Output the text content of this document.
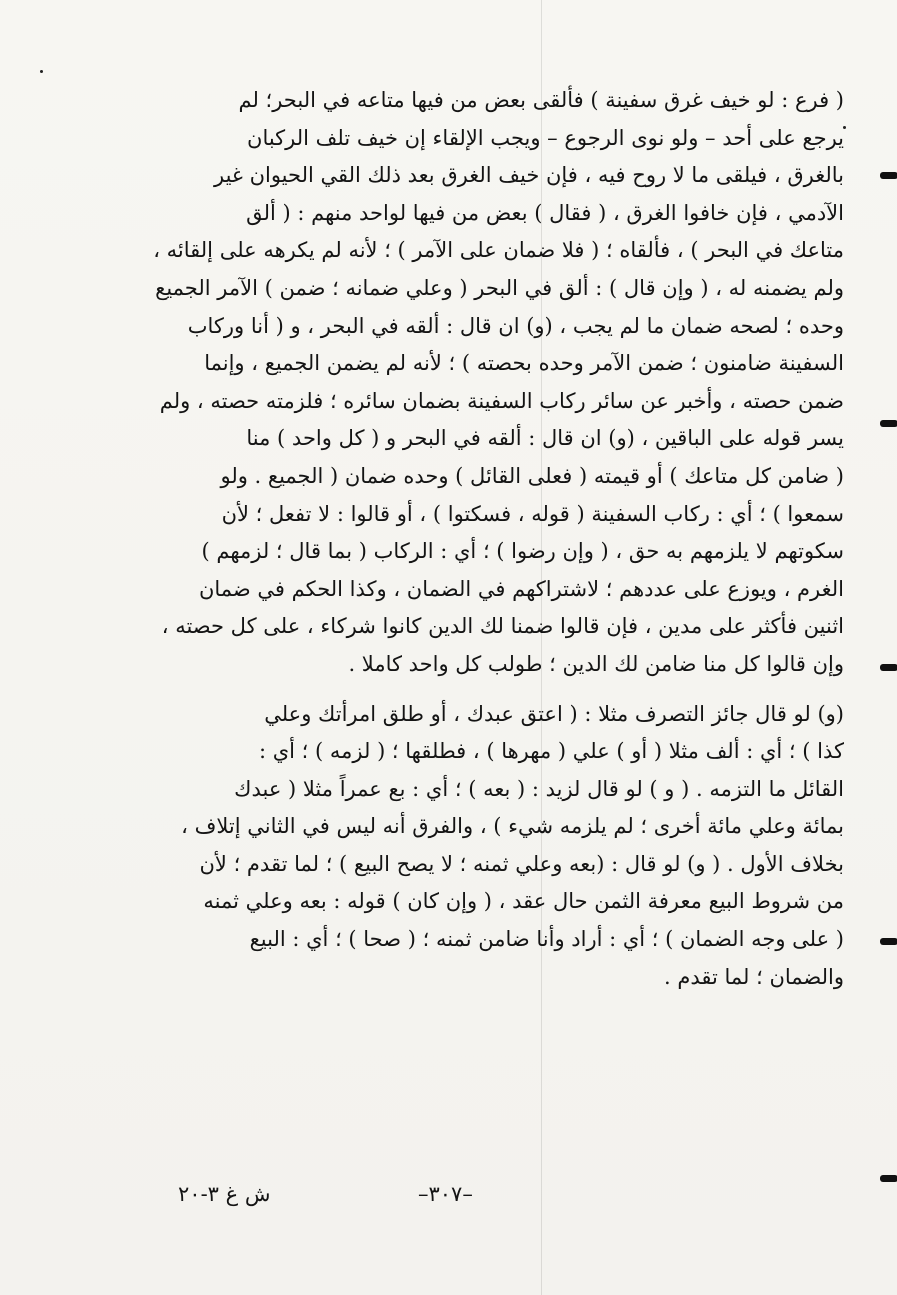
( فرع : لو خيف غرق سفينة ) فألقى بعض من فيها متاعه في البحر؛ لم
يرجع على أحد – ولو نوى الرجوع – ويجب الإلقاء إن خيف تلف الركبان
بالغرق ، فيلقى ما لا روح فيه ، فإن خيف الغرق بعد ذلك القي الحيوان غير
الآدمي ، فإن خافوا الغرق ، ( فقال ) بعض من فيها لواحد منهم : ( ألق
متاعك في البحر ) ، فألقاه ؛ ( فلا ضمان على الآمر ) ؛ لأنه لم يكرهه على إلقائه ،
ولم يضمنه له ، ( وإن قال ) : ألق في البحر ( وعلي ضمانه ؛ ضمن ) الآمر الجميع
وحده ؛ لصحه ضمان ما لم يجب ، (و) ان قال : ألقه في البحر ، و ( أنا وركاب
السفينة ضامنون ؛ ضمن الآمر وحده بحصته ) ؛ لأنه لم يضمن الجميع ، وإنما
ضمن حصته ، وأخبر عن سائر ركاب السفينة بضمان سائره ؛ فلزمته حصته ، ولم
يسر قوله على الباقين ، (و) ان قال : ألقه في البحر و ( كل واحد ) منا
( ضامن كل متاعك ) أو قيمته ( فعلى القائل ) وحده ضمان ( الجميع . ولو
سمعوا ) ؛ أي : ركاب السفينة ( قوله ، فسكتوا ) ، أو قالوا : لا تفعل ؛ لأن
سكوتهم لا يلزمهم به حق ، ( وإن رضوا ) ؛ أي : الركاب ( بما قال ؛ لزمهم )
الغرم ، ويوزع على عددهم ؛ لاشتراكهم في الضمان ، وكذا الحكم في ضمان
اثنين فأكثر على مدين ، فإن قالوا ضمنا لك الدين كانوا شركاء ، على كل حصته ،
وإن قالوا كل منا ضامن لك الدين ؛ طولب كل واحد كاملا .

(و) لو قال جائز التصرف مثلا : ( اعتق عبدك ، أو طلق امرأتك وعلي
كذا ) ؛ أي : ألف مثلا ( أو ) علي ( مهرها ) ، فطلقها ؛ ( لزمه ) ؛ أي :
القائل ما التزمه . ( و ) لو قال لزيد : ( بعه ) ؛ أي : بع عمراً مثلا ( عبدك
بمائة وعلي مائة أخرى ؛ لم يلزمه شيء ) ، والفرق أنه ليس في الثاني إتلاف ،
بخلاف الأول . ( و) لو قال : (بعه وعلي ثمنه ؛ لا يصح البيع ) ؛ لما تقدم ؛ لأن
من شروط البيع معرفة الثمن حال عقد ، ( وإن كان ) قوله : بعه وعلي ثمنه
( على وجه الضمان ) ؛ أي : أراد وأنا ضامن ثمنه ؛ ( صحا ) ؛ أي : البيع
والضمان ؛ لما تقدم .

–٣٠٧–
ش غ ٣-٢٠
